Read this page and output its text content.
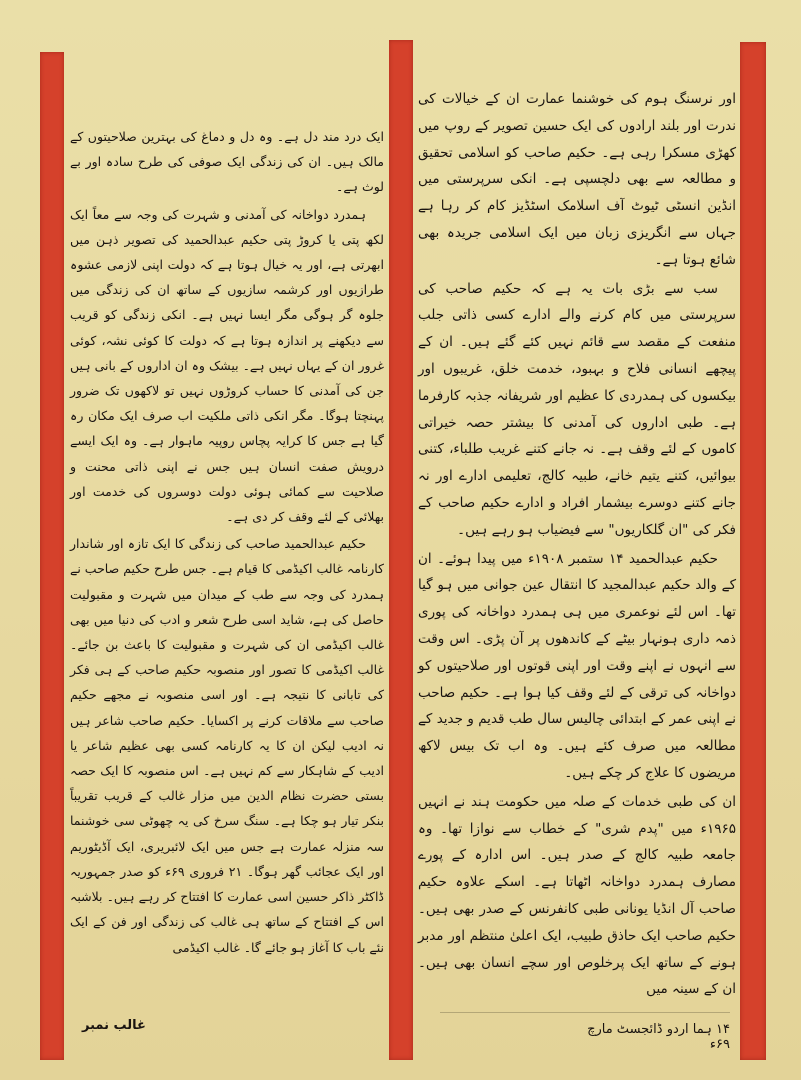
اور نرسنگ ہوم کی خوشنما عمارت ان کے خیالات کی ندرت اور بلند ارادوں کی ایک حسین تصویر کے روپ میں کھڑی مسکرا رہی ہے۔ حکیم صاحب کو اسلامی تحقیق و مطالعہ سے بھی دلچسپی ہے۔ انکی سرپرستی میں انڈین انسٹی ٹیوٹ آف اسلامک اسٹڈیز کام کر رہا ہے جہاں سے انگریزی زبان میں ایک اسلامی جریدہ بھی شائع ہوتا ہے۔

سب سے بڑی بات یہ ہے کہ حکیم صاحب کی سرپرستی میں کام کرنے والے ادارے کسی ذاتی جلب منفعت کے مقصد سے قائم نہیں کئے گئے ہیں۔ ان کے پیچھے انسانی فلاح و بہبود، خدمت خلق، غریبوں اور بیکسوں کی ہمدردی کا عظیم اور شریفانہ جذبہ کارفرما ہے۔ طبی اداروں کی آمدنی کا بیشتر حصہ خیراتی کاموں کے لئے وقف ہے۔ نہ جانے کتنے غریب طلباء، کتنی بیوائیں، کتنے یتیم خانے، طبیہ کالج، تعلیمی ادارے اور نہ جانے کتنے دوسرے بیشمار افراد و ادارے حکیم صاحب کے فکر کی "ان گلکاریوں" سے فیضیاب ہو رہے ہیں۔

حکیم عبدالحمید ۱۴ ستمبر ۱۹۰۸ء میں پیدا ہوئے۔ ان کے والد حکیم عبدالمجید کا انتقال عین جوانی میں ہو گیا تھا۔ اس لئے نوعمری میں ہی ہمدرد دواخانہ کی پوری ذمہ داری ہونہار بیٹے کے کاندھوں پر آن پڑی۔ اس وقت سے انہوں نے اپنے وقت اور اپنی قوتوں اور صلاحیتوں کو دواخانہ کی ترقی کے لئے وقف کیا ہوا ہے۔ حکیم صاحب نے اپنی عمر کے ابتدائی چالیس سال طب قدیم و جدید کے مطالعہ میں صرف کئے ہیں۔ وہ اب تک بیس لاکھ مریضوں کا علاج کر چکے ہیں۔

ان کی طبی خدمات کے صلہ میں حکومت ہند نے انہیں ۱۹۶۵ء میں "پدم شری" کے خطاب سے نوازا تھا۔ وہ جامعہ طبیہ کالج کے صدر ہیں۔ اس ادارہ کے پورے مصارف ہمدرد دواخانہ اٹھاتا ہے۔ اسکے علاوہ حکیم صاحب آل انڈیا یونانی طبی کانفرنس کے صدر بھی ہیں۔ حکیم صاحب ایک حاذق طبیب، ایک اعلیٰ منتظم اور مدبر ہونے کے ساتھ ایک پرخلوص اور سچے انسان بھی ہیں۔ ان کے سینہ میں

ایک درد مند دل ہے۔ وہ دل و دماغ کی بہترین صلاحیتوں کے مالک ہیں۔ ان کی زندگی ایک صوفی کی طرح سادہ اور بے لوث ہے۔

ہمدرد دواخانہ کی آمدنی و شہرت کی وجہ سے معاً ایک لکھ پتی یا کروڑ پتی حکیم عبدالحمید کی تصویر ذہن میں ابھرتی ہے، اور یہ خیال ہوتا ہے کہ دولت اپنی لازمی عشوہ طرازیوں اور کرشمہ سازیوں کے ساتھ ان کی زندگی میں جلوہ گر ہوگی مگر ایسا نہیں ہے۔ انکی زندگی کو قریب سے دیکھنے پر اندازہ ہوتا ہے کہ دولت کا کوئی نشہ، کوئی غرور ان کے یہاں نہیں ہے۔ بیشک وہ ان اداروں کے بانی ہیں جن کی آمدنی کا حساب کروڑوں نہیں تو لاکھوں تک ضرور پہنچتا ہوگا۔ مگر انکی ذاتی ملکیت اب صرف ایک مکان رہ گیا ہے جس کا کرایہ پچاس روپیہ ماہوار ہے۔ وہ ایک ایسے درویش صفت انسان ہیں جس نے اپنی ذاتی محنت و صلاحیت سے کمائی ہوئی دولت دوسروں کی خدمت اور بھلائی کے لئے وقف کر دی ہے۔

حکیم عبدالحمید صاحب کی زندگی کا ایک تازہ اور شاندار کارنامہ غالب اکیڈمی کا قیام ہے۔ جس طرح حکیم صاحب نے ہمدرد کی وجہ سے طب کے میدان میں شہرت و مقبولیت حاصل کی ہے، شاید اسی طرح شعر و ادب کی دنیا میں بھی غالب اکیڈمی ان کی شہرت و مقبولیت کا باعث بن جائے۔ غالب اکیڈمی کا تصور اور منصوبہ حکیم صاحب کے ہی فکر کی تابانی کا نتیجہ ہے۔ اور اسی منصوبہ نے مجھے حکیم صاحب سے ملاقات کرنے پر اکسایا۔ حکیم صاحب شاعر ہیں نہ ادیب لیکن ان کا یہ کارنامہ کسی بھی عظیم شاعر یا ادیب کے شاہکار سے کم نہیں ہے۔ اس منصوبہ کا ایک حصہ بستی حضرت نظام الدین میں مزار غالب کے قریب تقریباً بنکر تیار ہو چکا ہے۔ سنگ سرخ کی یہ چھوٹی سی خوشنما سہ منزلہ عمارت ہے جس میں ایک لائبریری، ایک آڈیٹوریم اور ایک عجائب گھر ہوگا۔ ۲۱ فروری ۶۹ء کو صدر جمہوریہ ڈاکٹر ذاکر حسین اسی عمارت کا افتتاح کر رہے ہیں۔ بلاشبہ اس کے افتتاح کے ساتھ ہی غالب کی زندگی اور فن کے ایک نئے باب کا آغاز ہو جائے گا۔ غالب اکیڈمی

۱۴ ہما اردو ڈائجسٹ مارچ ۶۹ء
غالب نمبر
